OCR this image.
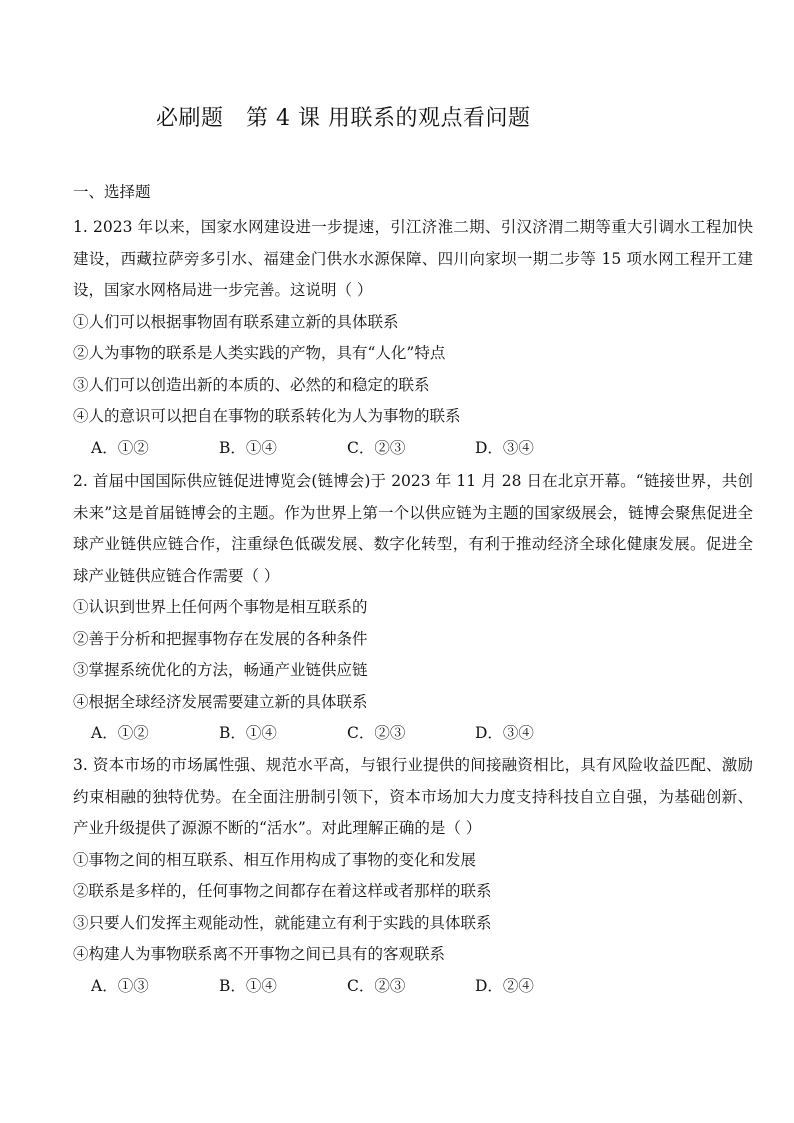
必刷题　第 4 课 用联系的观点看问题
一、选择题

1. 2023 年以来，国家水网建设进一步提速，引江济淮二期、引汉济渭二期等重大引调水工程加快建设，西藏拉萨旁多引水、福建金门供水水源保障、四川向家坝一期二步等 15 项水网工程开工建设，国家水网格局进一步完善。这说明（ ）

①人们可以根据事物固有联系建立新的具体联系
②人为事物的联系是人类实践的产物，具有“人化”特点
③人们可以创造出新的本质的、必然的和稳定的联系
④人的意识可以把自在事物的联系转化为人为事物的联系
A．①②	B．①④	C．②③	D．③④

2. 首届中国国际供应链促进博览会(链博会)于 2023 年 11 月 28 日在北京开幕。“链接世界，共创未来”这是首届链博会的主题。作为世界上第一个以供应链为主题的国家级展会，链博会聚焦促进全球产业链供应链合作，注重绿色低碳发展、数字化转型，有利于推动经济全球化健康发展。促进全球产业链供应链合作需要（ ）

①认识到世界上任何两个事物是相互联系的
②善于分析和把握事物存在发展的各种条件
③掌握系统优化的方法，畅通产业链供应链
④根据全球经济发展需要建立新的具体联系
A．①②	B．①④	C．②③	D．③④

3. 资本市场的市场属性强、规范水平高，与银行业提供的间接融资相比，具有风险收益匹配、激励约束相融的独特优势。在全面注册制引领下，资本市场加大力度支持科技自立自强，为基础创新、产业升级提供了源源不断的“活水”。对此理解正确的是（ ）

①事物之间的相互联系、相互作用构成了事物的变化和发展
②联系是多样的，任何事物之间都存在着这样或者那样的联系
③只要人们发挥主观能动性，就能建立有利于实践的具体联系
④构建人为事物联系离不开事物之间已具有的客观联系
A．①③	B．①④	C．②③	D．②④
